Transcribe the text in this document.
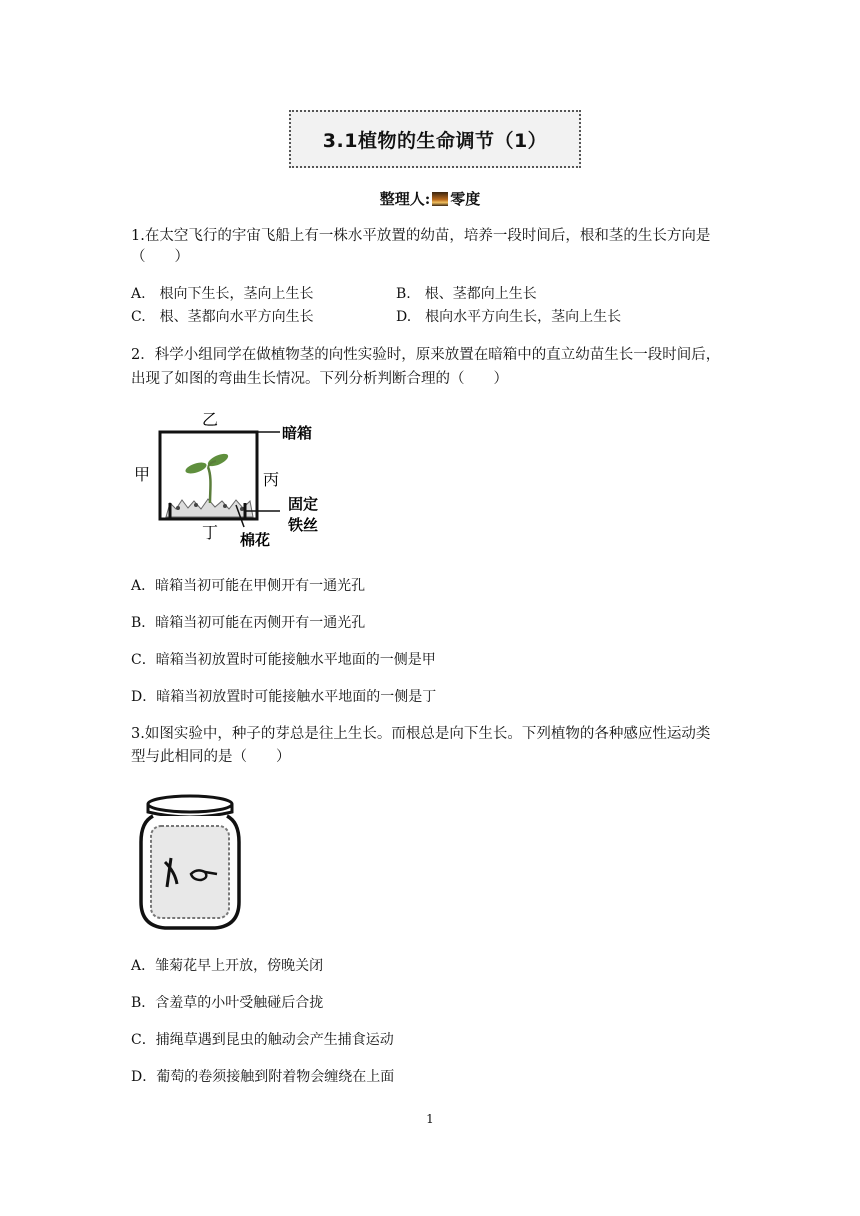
3.1植物的生命调节（1）
整理人: 零度
1.在太空飞行的宇宙飞船上有一株水平放置的幼苗，培养一段时间后，根和茎的生长方向是
（　　）
A.　根向下生长，茎向上生长	B.　根、茎都向上生长
C.　根、茎都向水平方向生长	D.　根向水平方向生长，茎向上生长
2．科学小组同学在做植物茎的向性实验时，原来放置在暗箱中的直立幼苗生长一段时间后，
出现了如图的弯曲生长情况。下列分析判断合理的（　　）
乙
甲	丙
丁
暗箱
固定
铁丝
棉花
A．暗箱当初可能在甲侧开有一通光孔
B．暗箱当初可能在丙侧开有一通光孔
C．暗箱当初放置时可能接触水平地面的一侧是甲
D．暗箱当初放置时可能接触水平地面的一侧是丁
3.如图实验中，种子的芽总是往上生长。而根总是向下生长。下列植物的各种感应性运动类
型与此相同的是（　　）
A．雏菊花早上开放，傍晚关闭
B．含羞草的小叶受触碰后合拢
C．捕绳草遇到昆虫的触动会产生捕食运动
D．葡萄的卷须接触到附着物会缠绕在上面
1
